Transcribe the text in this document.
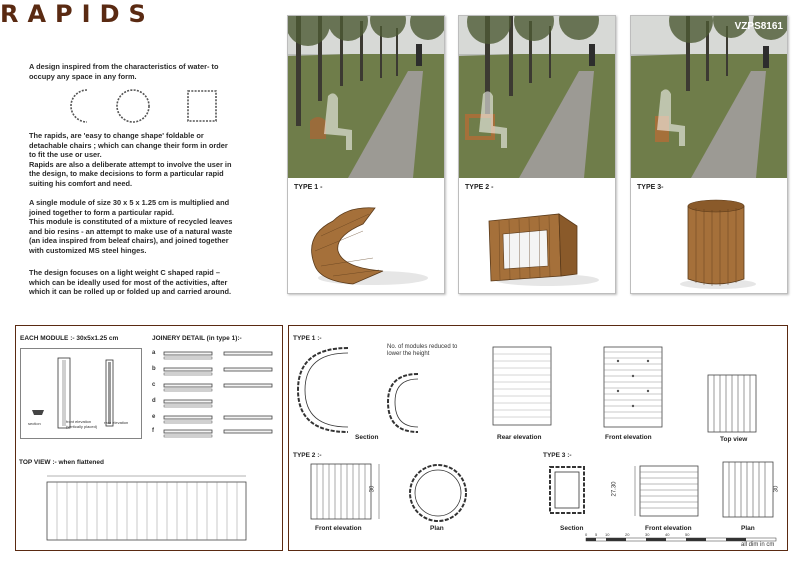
RAPIDS
A design inspired from the characteristics of water- to
occupy any space in any form.
The rapids, are 'easy to change shape' foldable or
detachable chairs ; which can change their form in order
to fit the use or user.
Rapids are also a deliberate attempt to involve the user in
the design, to make decisions to form a particular rapid
suiting his comfort and need.
A single module of size 30 x 5 x 1.25 cm is multiplied and
joined together to form a particular rapid.
This module is constituted of a mixture of recycled leaves
and bio resins - an attempt to make use of a natural waste
(an idea inspired from beleaf chairs), and joined together
with customized MS steel hinges.
The design focuses on a light weight C shaped rapid –
which can be ideally used for most of the activities, after
which it can be rolled up or folded up and carried around.
TYPE 1 -	TYPE 2 -
VZPS8161
TYPE 3-
EACH MODULE :- 30x5x1.25 cm	JOINERY DETAIL (in type 1):-
section	front elevation (vertically placed)
rear elevation
a
b
c
d
e
f
TOP VIEW :- when flattened
TYPE 1 :-
No. of modules reduced to lower the height
Section	Rear elevation	Front elevation	Top view
TYPE 2 :-
30
Front elevation	Plan
TYPE 3 :-
Section
27.30
Front elevation
30
Plan
0 5 10	20	30	40	50
all dim in cm
